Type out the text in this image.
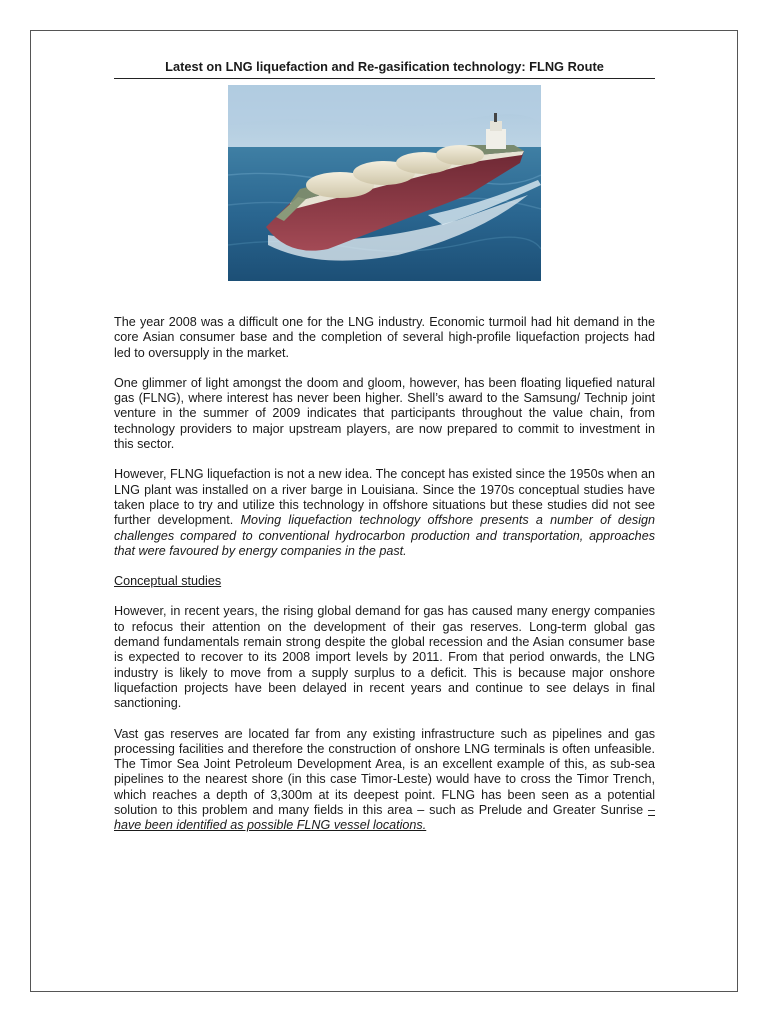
Latest on LNG liquefaction and Re-gasification technology: FLNG Route

The year 2008 was a difficult one for the LNG industry. Economic turmoil had hit demand in the core Asian consumer base and the completion of several high-profile liquefaction projects had led to oversupply in the market.

One glimmer of light amongst the doom and gloom, however, has been floating liquefied natural gas (FLNG), where interest has never been higher. Shell’s award to the Samsung/ Technip joint venture in the summer of 2009 indicates that participants throughout the value chain, from technology providers to major upstream players, are now prepared to commit to investment in this sector.

However, FLNG liquefaction is not a new idea. The concept has existed since the 1950s when an LNG plant was installed on a river barge in Louisiana. Since the 1970s conceptual studies have taken place to try and utilize this technology in offshore situations but these studies did not see further development. Moving liquefaction technology offshore presents a number of design challenges compared to conventional hydrocarbon production and transportation, approaches that were favoured by energy companies in the past.

Conceptual studies

However, in recent years, the rising global demand for gas has caused many energy companies to refocus their attention on the development of their gas reserves. Long-term global gas demand fundamentals remain strong despite the global recession and the Asian consumer base is expected to recover to its 2008 import levels by 2011. From that period onwards, the LNG industry is likely to move from a supply surplus to a deficit. This is because major onshore liquefaction projects have been delayed in recent years and continue to see delays in final sanctioning.

Vast gas reserves are located far from any existing infrastructure such as pipelines and gas processing facilities and therefore the construction of onshore LNG terminals is often unfeasible. The Timor Sea Joint Petroleum Development Area, is an excellent example of this, as sub-sea pipelines to the nearest shore (in this case Timor-Leste) would have to cross the Timor Trench, which reaches a depth of 3,300m at its deepest point. FLNG has been seen as a potential solution to this problem and many fields in this area – such as Prelude and Greater Sunrise – have been identified as possible FLNG vessel locations.
